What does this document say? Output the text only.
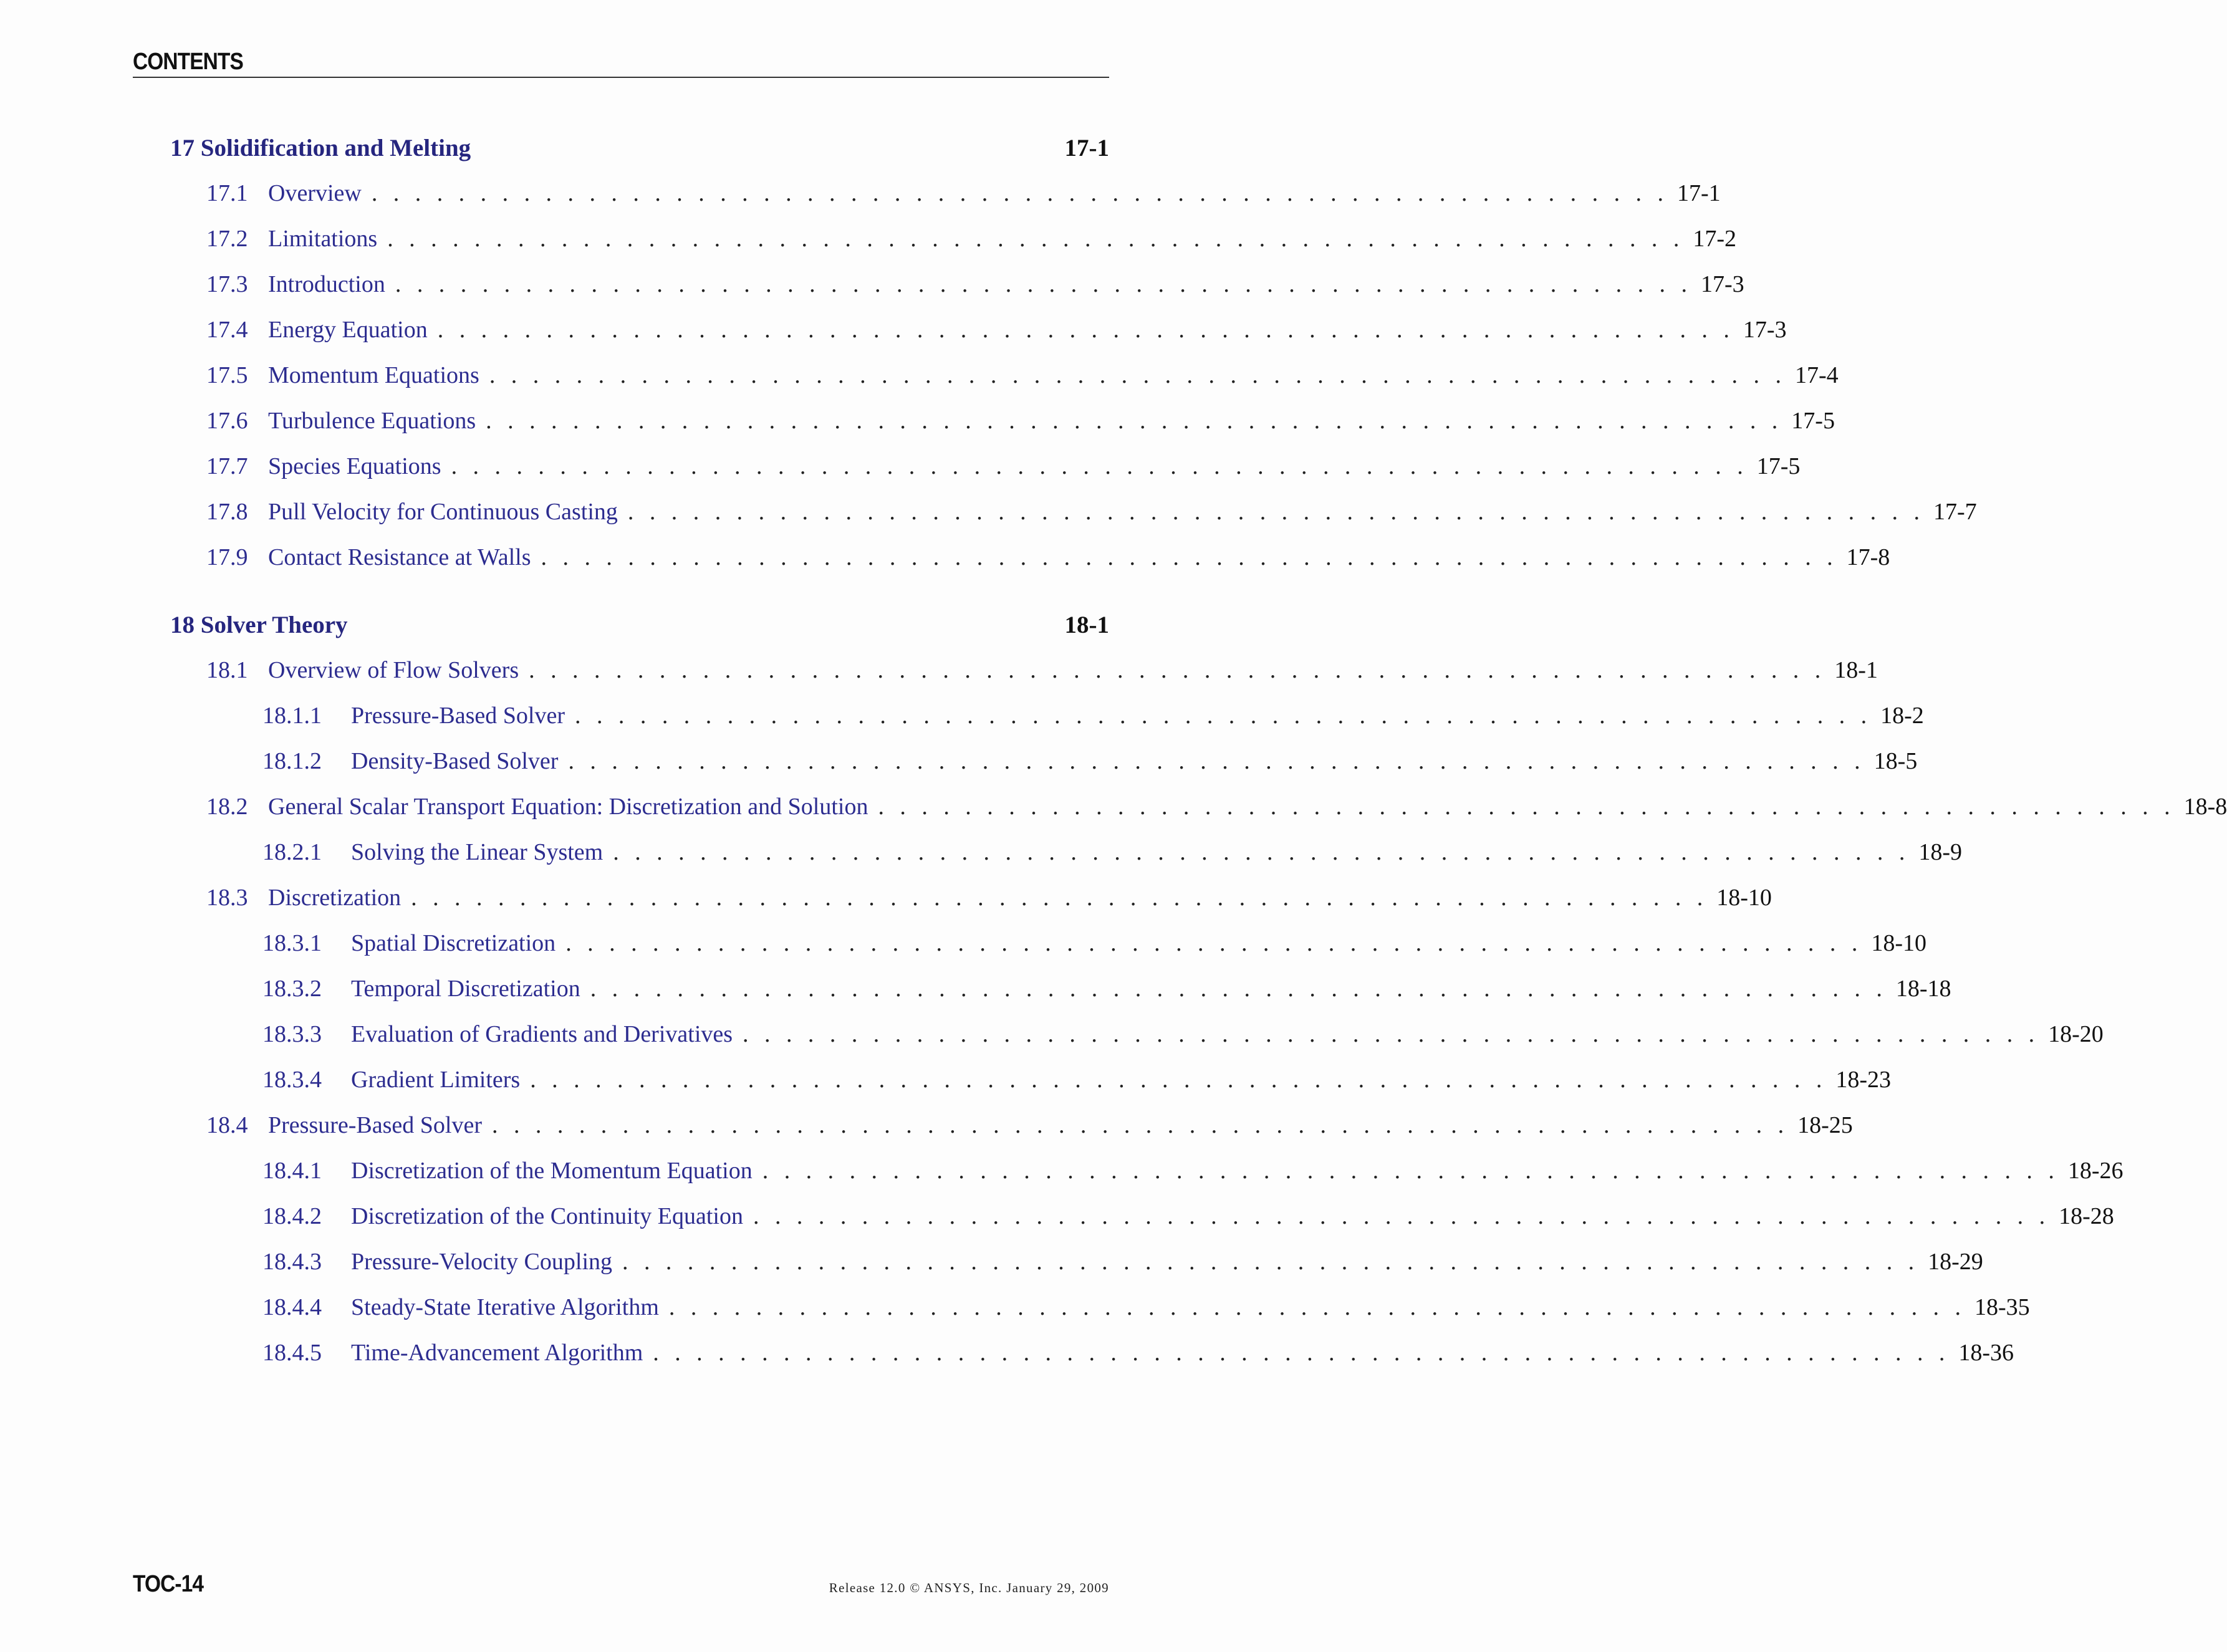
CONTENTS
17 Solidification and Melting	17-1
17.1 Overview . . . . . . . . . . . . . . . . . . . . . . . . . . . . . . . . . . . . . . . . . . . . . . . . . . . . . . . . . . . . 17-1
17.2 Limitations . . . . . . . . . . . . . . . . . . . . . . . . . . . . . . . . . . . . . . . . . . . . . . . . . . . . . . . . . . . . 17-2
17.3 Introduction . . . . . . . . . . . . . . . . . . . . . . . . . . . . . . . . . . . . . . . . . . . . . . . . . . . . . . . . . . . . 17-3
17.4 Energy Equation . . . . . . . . . . . . . . . . . . . . . . . . . . . . . . . . . . . . . . . . . . . . . . . . . . . . . . . . . . . . 17-3
17.5 Momentum Equations . . . . . . . . . . . . . . . . . . . . . . . . . . . . . . . . . . . . . . . . . . . . . . . . . . . . . . . . . . . . 17-4
17.6 Turbulence Equations . . . . . . . . . . . . . . . . . . . . . . . . . . . . . . . . . . . . . . . . . . . . . . . . . . . . . . . . . . . . 17-5
17.7 Species Equations . . . . . . . . . . . . . . . . . . . . . . . . . . . . . . . . . . . . . . . . . . . . . . . . . . . . . . . . . . . . 17-5
17.8 Pull Velocity for Continuous Casting . . . . . . . . . . . . . . . . . . . . . . . . . . . . . . . . . . . . . . . . . . . . . . . . . . . . . . . . . . . . 17-7
17.9 Contact Resistance at Walls . . . . . . . . . . . . . . . . . . . . . . . . . . . . . . . . . . . . . . . . . . . . . . . . . . . . . . . . . . . . 17-8
18 Solver Theory	18-1
18.1 Overview of Flow Solvers . . . . . . . . . . . . . . . . . . . . . . . . . . . . . . . . . . . . . . . . . . . . . . . . . . . . . . . . . . . . 18-1
18.1.1	Pressure-Based Solver . . . . . . . . . . . . . . . . . . . . . . . . . . . . . . . . . . . . . . . . . . . . . . . . . . . . . . . . . . . . 18-2
18.1.2	Density-Based Solver . . . . . . . . . . . . . . . . . . . . . . . . . . . . . . . . . . . . . . . . . . . . . . . . . . . . . . . . . . . . 18-5
18.2 General Scalar Transport Equation: Discretization and Solution . . . . . . . . . . . . . . . . . . . . . . . . . . . . . . . . . . . . . . . . . . . . . . . . . . . . . . . . . . . . 18-8
18.2.1	Solving the Linear System . . . . . . . . . . . . . . . . . . . . . . . . . . . . . . . . . . . . . . . . . . . . . . . . . . . . . . . . . . . . 18-9
18.3 Discretization . . . . . . . . . . . . . . . . . . . . . . . . . . . . . . . . . . . . . . . . . . . . . . . . . . . . . . . . . . . . 18-10
18.3.1	Spatial Discretization . . . . . . . . . . . . . . . . . . . . . . . . . . . . . . . . . . . . . . . . . . . . . . . . . . . . . . . . . . . . 18-10
18.3.2	Temporal Discretization . . . . . . . . . . . . . . . . . . . . . . . . . . . . . . . . . . . . . . . . . . . . . . . . . . . . . . . . . . . . 18-18
18.3.3	Evaluation of Gradients and Derivatives . . . . . . . . . . . . . . . . . . . . . . . . . . . . . . . . . . . . . . . . . . . . . . . . . . . . . . . . . . . . 18-20
18.3.4	Gradient Limiters . . . . . . . . . . . . . . . . . . . . . . . . . . . . . . . . . . . . . . . . . . . . . . . . . . . . . . . . . . . . 18-23
18.4 Pressure-Based Solver . . . . . . . . . . . . . . . . . . . . . . . . . . . . . . . . . . . . . . . . . . . . . . . . . . . . . . . . . . . . 18-25
18.4.1	Discretization of the Momentum Equation . . . . . . . . . . . . . . . . . . . . . . . . . . . . . . . . . . . . . . . . . . . . . . . . . . . . . . . . . . . . 18-26
18.4.2	Discretization of the Continuity Equation . . . . . . . . . . . . . . . . . . . . . . . . . . . . . . . . . . . . . . . . . . . . . . . . . . . . . . . . . . . . 18-28
18.4.3	Pressure-Velocity Coupling . . . . . . . . . . . . . . . . . . . . . . . . . . . . . . . . . . . . . . . . . . . . . . . . . . . . . . . . . . . . 18-29
18.4.4	Steady-State Iterative Algorithm . . . . . . . . . . . . . . . . . . . . . . . . . . . . . . . . . . . . . . . . . . . . . . . . . . . . . . . . . . . . 18-35
18.4.5	Time-Advancement Algorithm . . . . . . . . . . . . . . . . . . . . . . . . . . . . . . . . . . . . . . . . . . . . . . . . . . . . . . . . . . . . 18-36
TOC-14	Release 12.0 © ANSYS, Inc. January 29, 2009
